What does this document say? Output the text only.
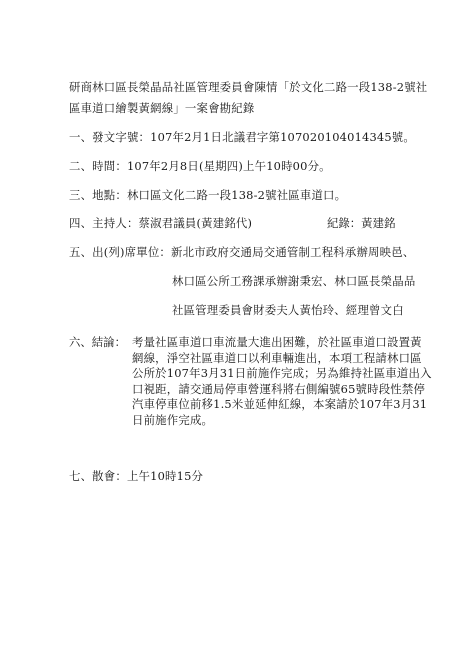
研商林口區長榮晶品社區管理委員會陳情「於文化二路一段138-2號社
區車道口繪製黃網線」一案會勘紀錄
一、發文字號：107年2月1日北議君字第107020104014345號。
二、時間：107年2月8日(星期四)上午10時00分。
三、地點：林口區文化二路一段138-2號社區車道口。
四、主持人：蔡淑君議員(黃建銘代)	紀錄：黃建銘
五、出(列)席單位：新北市政府交通局交通管制工程科承辦周映邑、
林口區公所工務課承辦謝秉宏、林口區長榮晶品
社區管理委員會財委夫人黃怡玲、經理曾文白
六、結論： 考量社區車道口車流量大進出困難，於社區車道口設置黃
網線，淨空社區車道口以利車輛進出，本項工程請林口區
公所於107年3月31日前施作完成；另為維持社區車道出入
口視距，請交通局停車營運科將右側編號65號時段性禁停
汽車停車位前移1.5米並延伸紅線，本案請於107年3月31
日前施作完成。
七、散會：上午10時15分
